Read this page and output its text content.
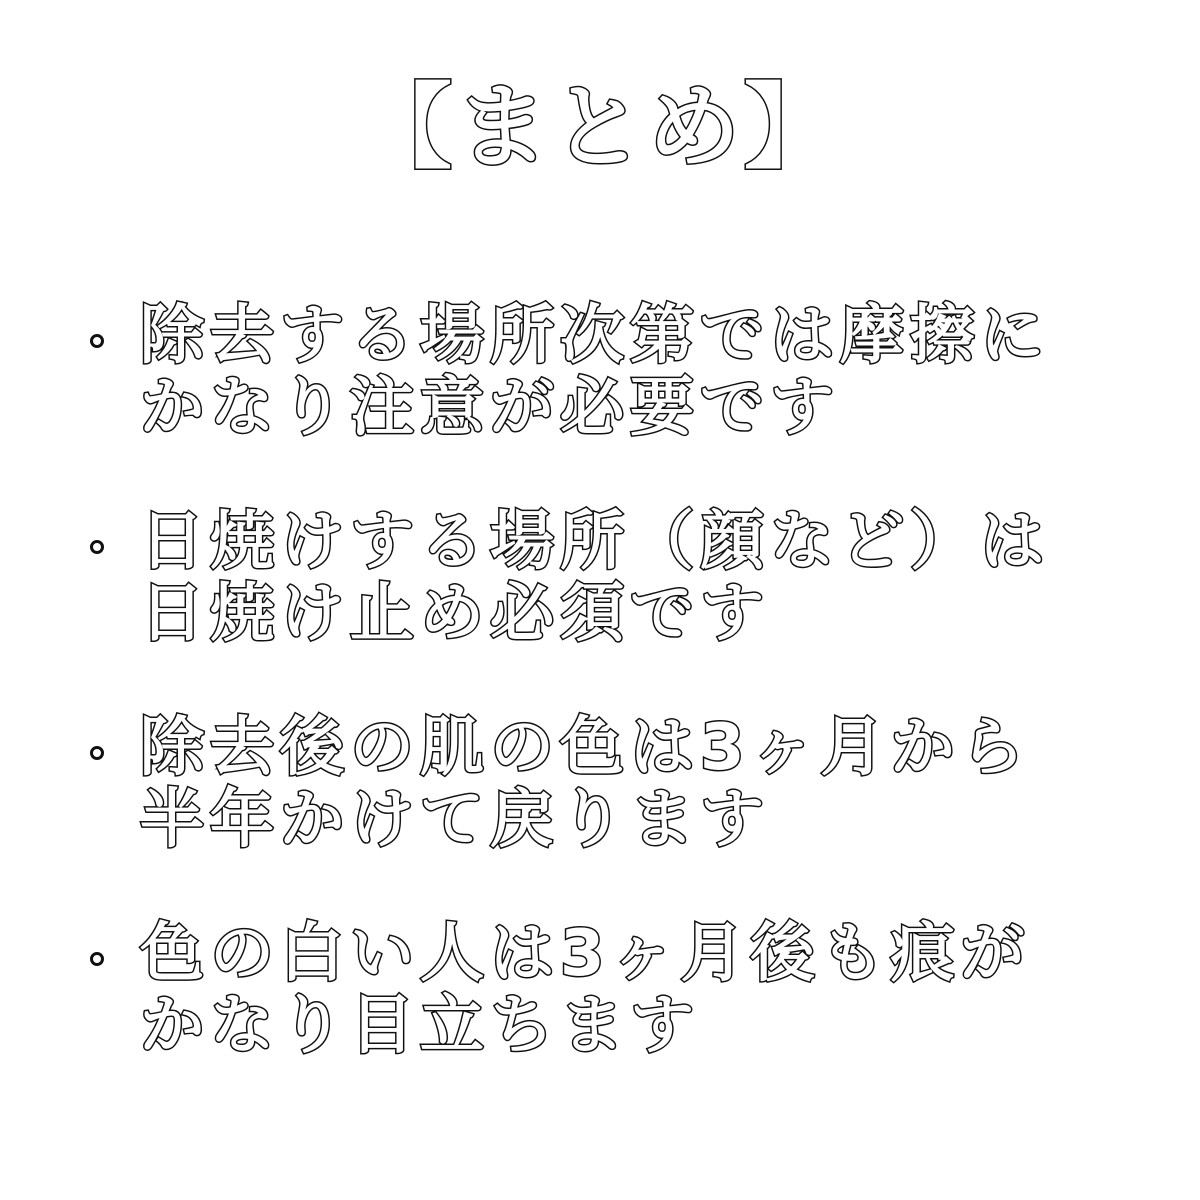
【まとめ】
除去する場所次第では摩擦に
かなり注意が必要です
日焼けする場所（顔など）は
日焼け止め必須です
除去後の肌の色は3ヶ月から
半年かけて戻ります
色の白い人は3ヶ月後も痕が
かなり目立ちます
